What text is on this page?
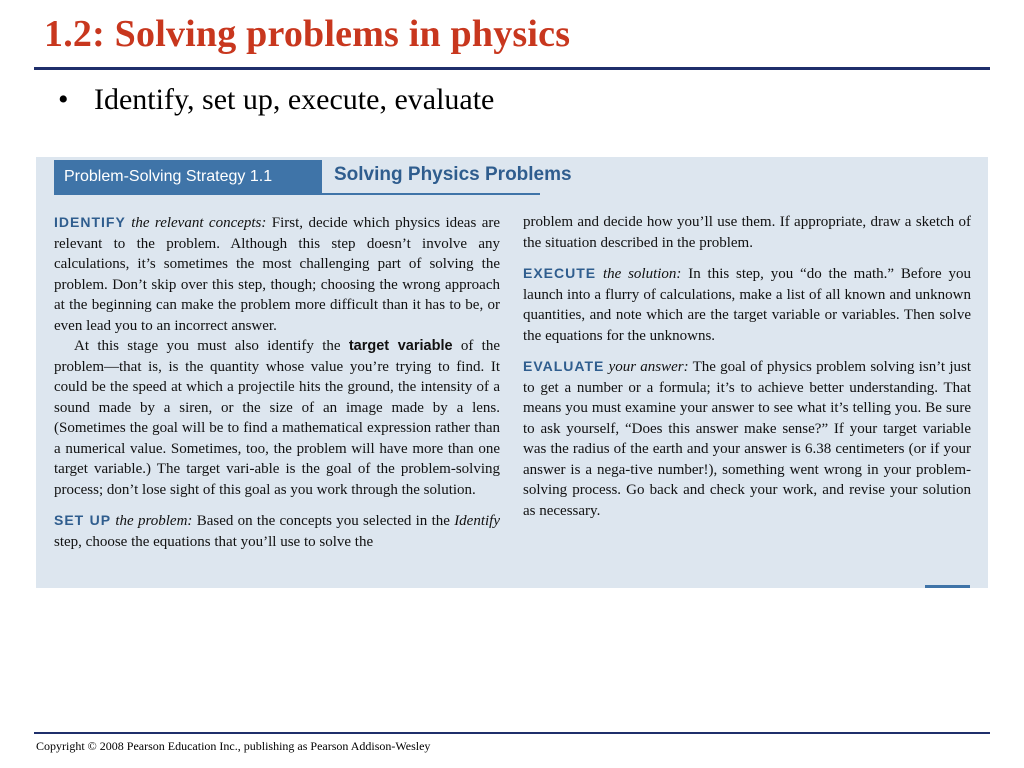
1.2: Solving problems in physics
• Identify, set up, execute, evaluate
Problem-Solving Strategy 1.1	Solving Physics Problems

IDENTIFY the relevant concepts: First, decide which physics ideas are relevant to the problem. Although this step doesn’t involve any calculations, it’s sometimes the most challenging part of solving the problem. Don’t skip over this step, though; choosing the wrong approach at the beginning can make the problem more difficult than it has to be, or even lead you to an incorrect answer.

At this stage you must also identify the target variable of the problem—that is, is the quantity whose value you’re trying to find. It could be the speed at which a projectile hits the ground, the intensity of a sound made by a siren, or the size of an image made by a lens. (Sometimes the goal will be to find a mathematical expression rather than a numerical value. Sometimes, too, the problem will have more than one target variable.) The target vari-able is the goal of the problem-solving process; don’t lose sight of this goal as you work through the solution.

SET UP the problem: Based on the concepts you selected in the Identify step, choose the equations that you’ll use to solve the

problem and decide how you’ll use them. If appropriate, draw a sketch of the situation described in the problem.

EXECUTE the solution: In this step, you “do the math.” Before you launch into a flurry of calculations, make a list of all known and unknown quantities, and note which are the target variable or variables. Then solve the equations for the unknowns.

EVALUATE your answer: The goal of physics problem solving isn’t just to get a number or a formula; it’s to achieve better understanding. That means you must examine your answer to see what it’s telling you. Be sure to ask yourself, “Does this answer make sense?” If your target variable was the radius of the earth and your answer is 6.38 centimeters (or if your answer is a nega-tive number!), something went wrong in your problem-solving process. Go back and check your work, and revise your solution as necessary.

Copyright © 2008 Pearson Education Inc., publishing as Pearson Addison-Wesley
